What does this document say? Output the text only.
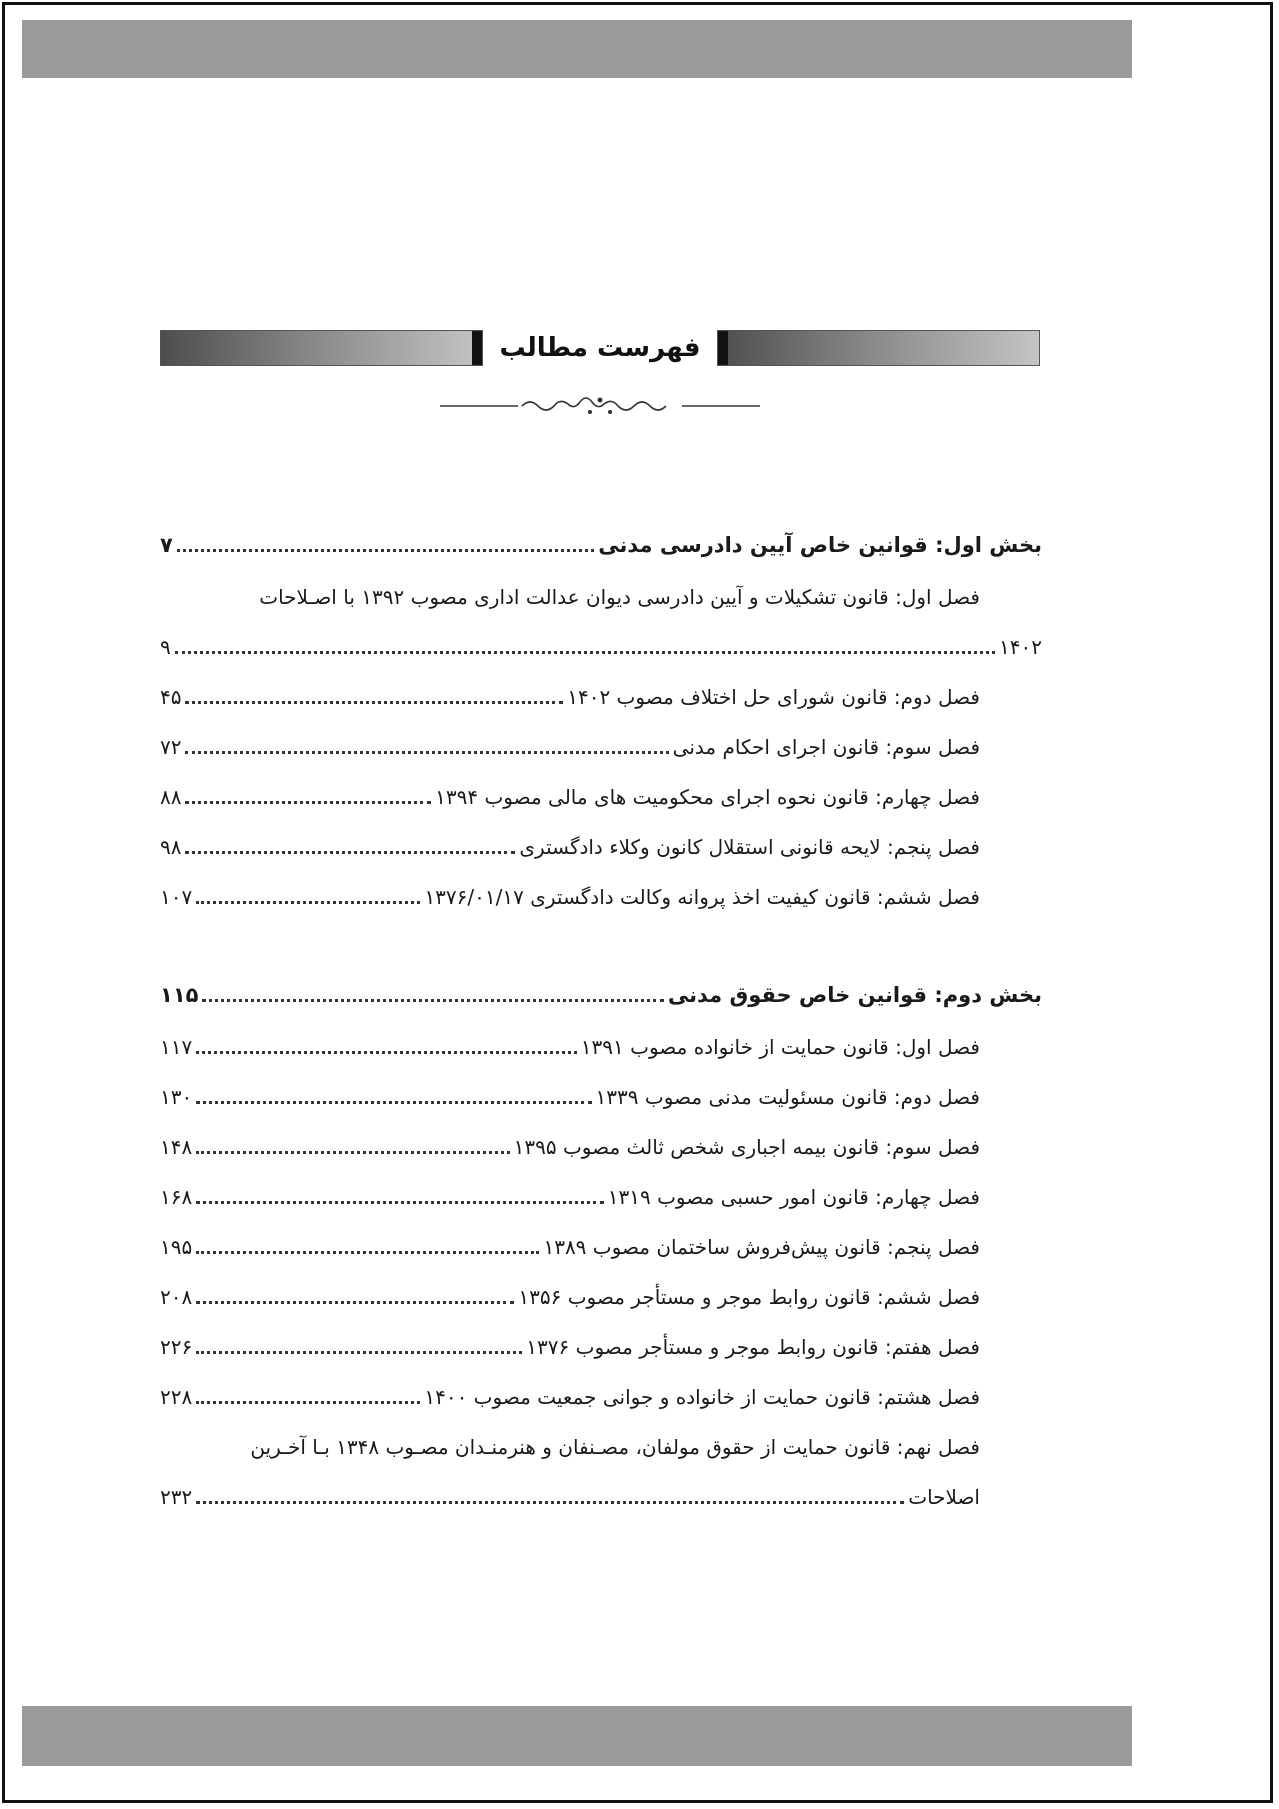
فهرست مطالب
بخش اول: قوانین خاص آیین دادرسی مدنی
۷
فصل اول: قانون تشکیلات و آیین دادرسی دیوان عدالت اداری مصوب ۱۳۹۲ با اصـلاحات
۱۴۰۲
۹
فصل دوم: قانون شورای حل اختلاف مصوب ۱۴۰۲
۴۵
فصل سوم: قانون اجرای احکام مدنی
۷۲
فصل چهارم: قانون نحوه اجرای محکومیت های مالی مصوب ۱۳۹۴
۸۸
فصل پنجم: لایحه قانونی استقلال کانون وکلاء دادگستری
۹۸
فصل ششم: قانون کیفیت اخذ پروانه وکالت دادگستری ۱۳۷۶/۰۱/۱۷
۱۰۷
بخش دوم: قوانین خاص حقوق مدنی
۱۱۵
فصل اول: قانون حمایت از خانواده مصوب ۱۳۹۱
۱۱۷
فصل دوم: قانون مسئولیت مدنی مصوب ۱۳۳۹
۱۳۰
فصل سوم: قانون بیمه اجباری شخص ثالث مصوب ۱۳۹۵
۱۴۸
فصل چهارم: قانون امور حسبی مصوب ۱۳۱۹
۱۶۸
فصل پنجم: قانون پیش‌فروش ساختمان مصوب ۱۳۸۹
۱۹۵
فصل ششم: قانون روابط موجر و مستأجر مصوب ۱۳۵۶
۲۰۸
فصل هفتم: قانون روابط موجر و مستأجر مصوب ۱۳۷۶
۲۲۶
فصل هشتم: قانون حمایت از خانواده و جوانی جمعیت مصوب ۱۴۰۰
۲۲۸
فصل نهم: قانون حمایت از حقوق مولفان، مصـنفان و هنرمنـدان مصـوب ۱۳۴۸ بـا آخـرین
اصلاحات
۲۳۲
